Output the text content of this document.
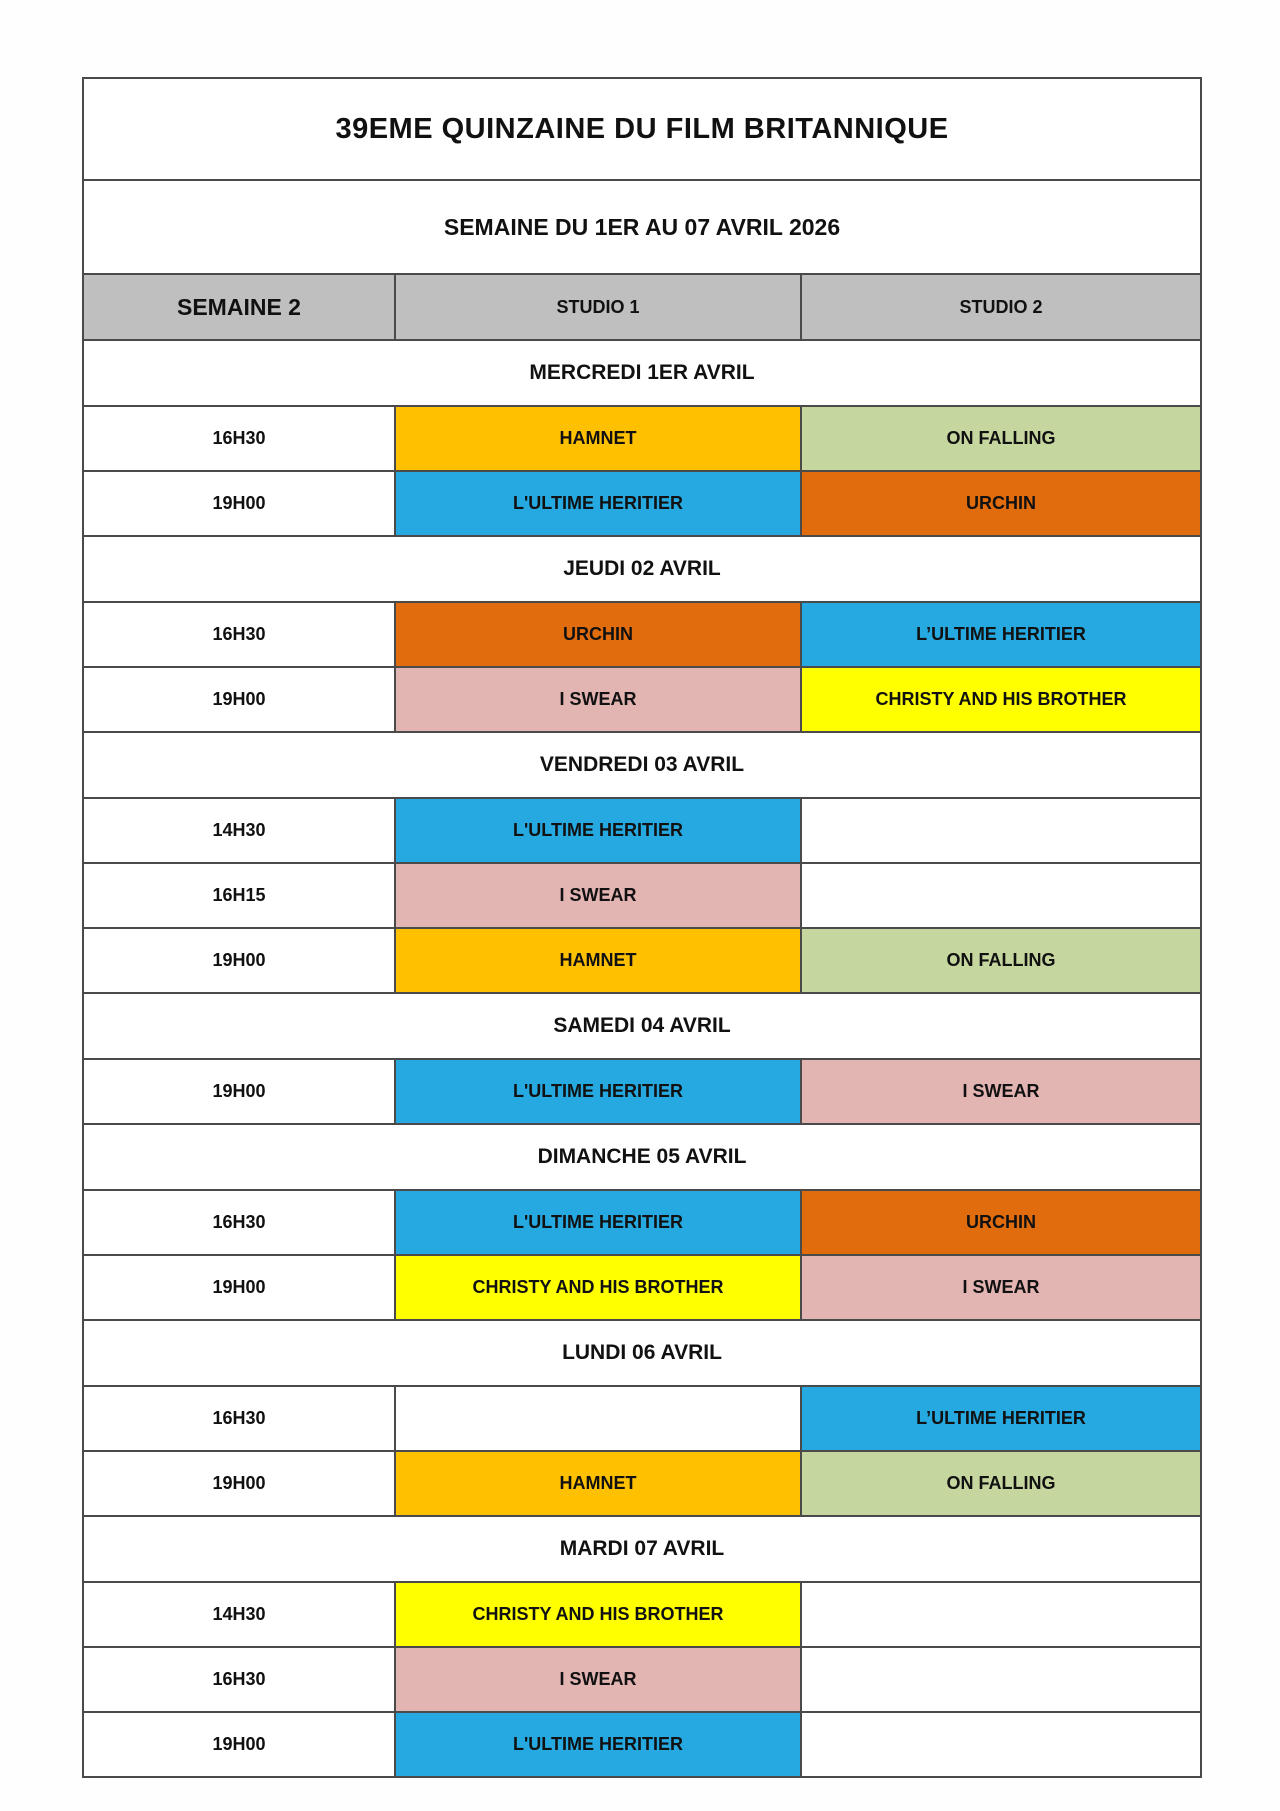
39EME QUINZAINE DU FILM BRITANNIQUE		
SEMAINE DU 1ER AU 07 AVRIL 2026		
SEMAINE 2	STUDIO 1	STUDIO 2
MERCREDI 1ER AVRIL		
16H30	HAMNET	ON FALLING
19H00	L'ULTIME HERITIER	URCHIN
JEUDI 02 AVRIL		
16H30	URCHIN	L’ULTIME HERITIER
19H00	I SWEAR	CHRISTY AND HIS BROTHER
VENDREDI 03 AVRIL		
14H30	L'ULTIME HERITIER	
16H15	I SWEAR	
19H00	HAMNET	ON FALLING
SAMEDI 04 AVRIL		
19H00	L'ULTIME HERITIER	I SWEAR
DIMANCHE 05 AVRIL		
16H30	L'ULTIME HERITIER	URCHIN
19H00	CHRISTY AND HIS BROTHER	I SWEAR
LUNDI 06 AVRIL		
16H30		L’ULTIME HERITIER
19H00	HAMNET	ON FALLING
MARDI 07 AVRIL		
14H30	CHRISTY AND HIS BROTHER	
16H30	I SWEAR	
19H00	L'ULTIME HERITIER	
